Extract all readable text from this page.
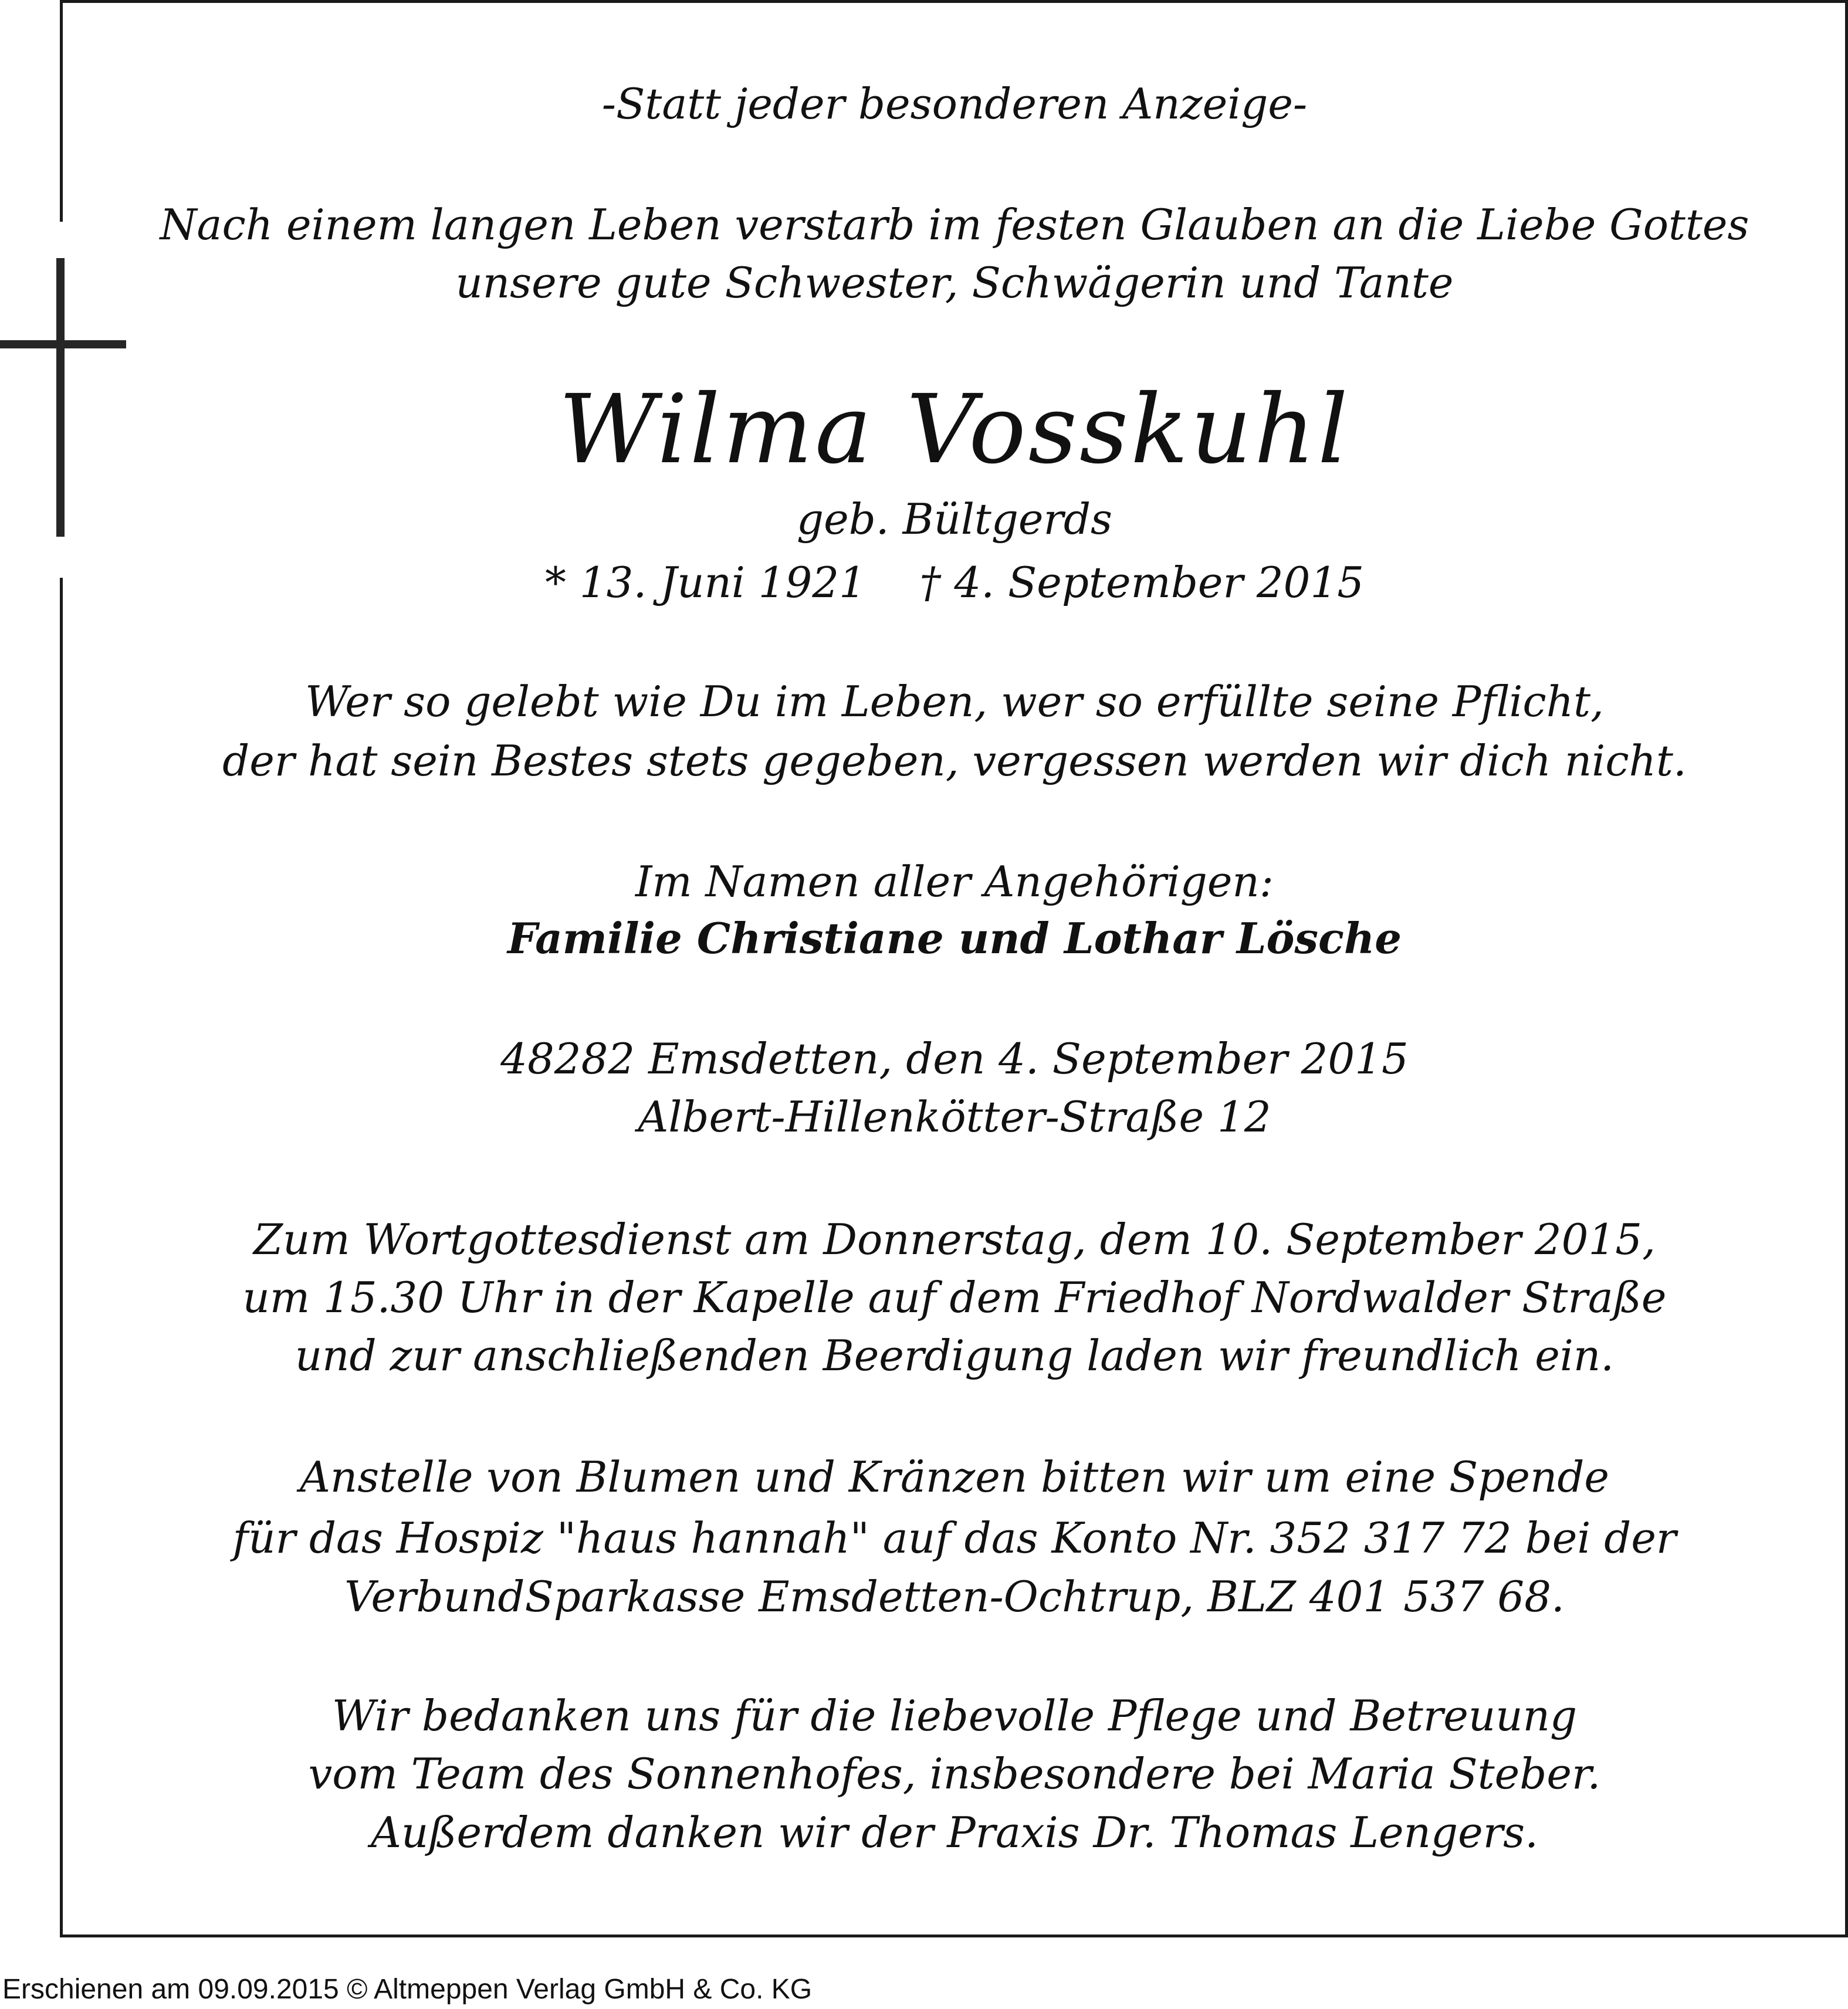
-Statt jeder besonderen Anzeige-
Nach einem langen Leben verstarb im festen Glauben an die Liebe Gottes
unsere gute Schwester, Schwägerin und Tante
Wilma Vosskuhl
geb. Bültgerds
* 13. Juni 1921    † 4. September 2015
Wer so gelebt wie Du im Leben, wer so erfüllte seine Pflicht,
der hat sein Bestes stets gegeben, vergessen werden wir dich nicht.
Im Namen aller Angehörigen:
Familie Christiane und Lothar Lösche
48282 Emsdetten, den 4. September 2015
Albert-Hillenkötter-Straße 12
Zum Wortgottesdienst am Donnerstag, dem 10. September 2015,
um 15.30 Uhr in der Kapelle auf dem Friedhof Nordwalder Straße
und zur anschließenden Beerdigung laden wir freundlich ein.
Anstelle von Blumen und Kränzen bitten wir um eine Spende
für das Hospiz "haus hannah" auf das Konto Nr. 352 317 72 bei der
VerbundSparkasse Emsdetten-Ochtrup, BLZ 401 537 68.
Wir bedanken uns für die liebevolle Pflege und Betreuung
vom Team des Sonnenhofes, insbesondere bei Maria Steber.
Außerdem danken wir der Praxis Dr. Thomas Lengers.
Erschienen am 09.09.2015 © Altmeppen Verlag GmbH & Co. KG
